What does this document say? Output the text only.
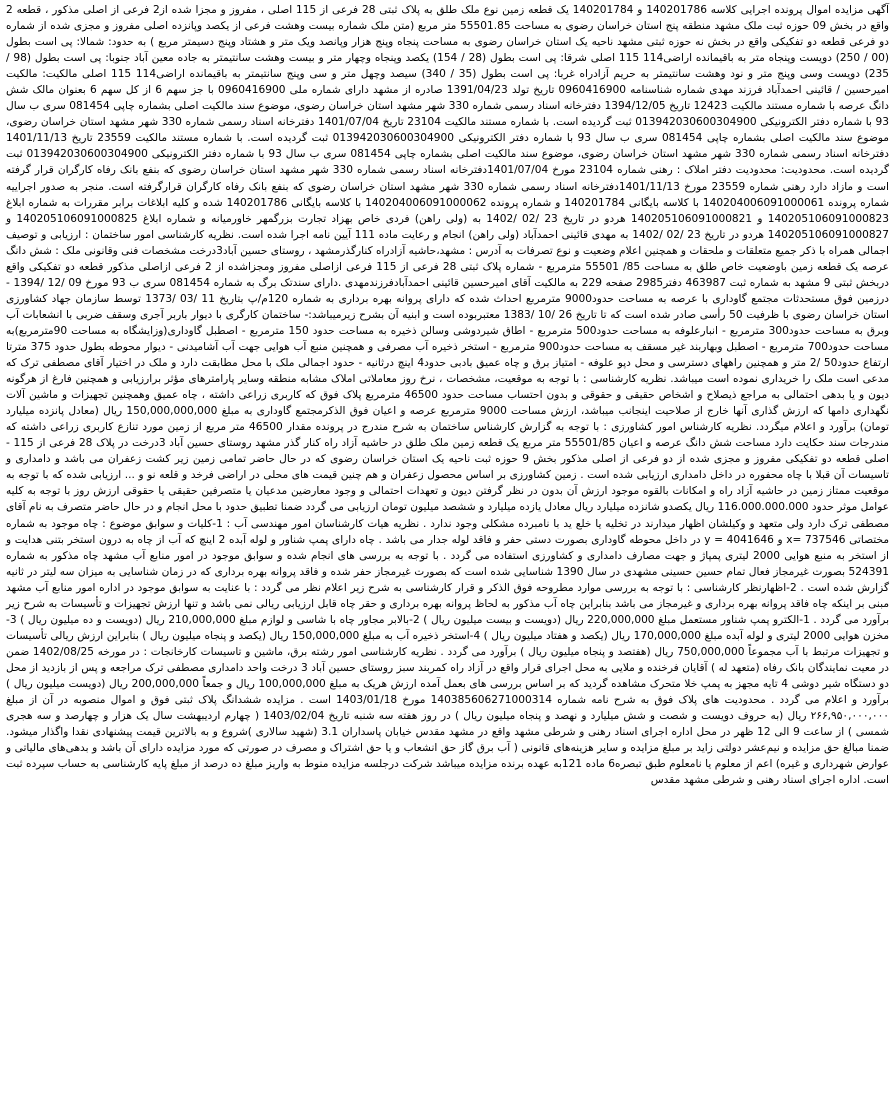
آگهی مزایده اموال پرونده اجرایی کلاسه 140201786 و 140201784 یک قطعه زمین نوع ملک طلق به پلاک ثبتی 28 فرعی از 115 اصلی ، مفروز و مجزا شده از2 فرعی از اصلی مذکور ، قطعه 2 واقع در بخش 09 حوزه ثبت ملک مشهد منطقه پنج استان خراسان رضوی به مساحت 55501.85 متر مربع (متن ملک شماره بیست وهشت فرعی از یکصد وپانزده اصلی مفروز و مجزی شده از شماره دو فرعی قطعه دو تفکیکی واقع در بخش نه حوزه ثبتی مشهد ناحیه یک استان خراسان رضوی به مساحت پنجاه وپنج هزار وپانصد ویک متر و هشتاد وپنج دسیمتر مربع ) به حدود: شمالا: پی است بطول (00 / 250) دویست وپنجاه متر به باقیمانده اراضی114 115 اصلی شرقا: پی است بطول (28 / 154) یکصد وپنجاه وچهار متر و بیست وهشت سانتیمتر به جاده معین آباد جنوبا: پی است بطول (98 / 235) دویست وسی وپنج متر و نود وهشت سانتیمتر به حریم آزادراه غربا: پی است بطول (35 / 340) سیصد وچهل متر و سی وپنج سانتیمتر به باقیمانده اراضی114 115 اصلی مالکیت: مالکیت امیرحسین / قائینی احمدآباد فرزند مهدی شماره شناسنامه 0960416900 تاریخ تولد 1391/04/23 صادره از مشهد دارای شماره ملی 0960416900 با جز سهم 6 از کل سهم 6 بعنوان مالک شش دانگ عرصه با شماره مستند مالکیت 12423 تاریخ 1394/12/05 دفترخانه اسناد رسمی شماره 330 شهر مشهد استان خراسان رضوی، موضوع سند مالکیت اصلی بشماره چاپی 081454 سری ب سال 93 با شماره دفتر الکترونیکی 013942030600304900 ثبت گردیده است. با شماره مستند مالکیت 23104 تاریخ 1401/07/04 دفترخانه اسناد رسمی شماره 330 شهر مشهد استان خراسان رضوی، موضوع سند مالکیت اصلی بشماره چاپی 081454 سری ب سال 93 با شماره دفتر الکترونیکی 013942030600304900 ثبت گردیده است. با شماره مستند مالکیت 23559 تاریخ 1401/11/13 دفترخانه اسناد رسمی شماره 330 شهر مشهد استان خراسان رضوی، موضوع سند مالکیت اصلی بشماره چاپی 081454 سری ب سال 93 با شماره دفتر الکترونیکی 013942030600304900 ثبت گردیده است. محدودیت: محدودیت دفتر املاک : رهنی شماره 23104 مورخ 1401/07/04دفترخانه اسناد رسمی شماره 330 شهر مشهد استان خراسان رضوی که بنفع بانک رفاه کارگران قرار گرفته است و مازاد دارد رهنی شماره 23559 مورخ 1401/11/13دفترخانه اسناد رسمی شماره 330 شهر مشهد استان خراسان رضوی که بنفع بانک رفاه کارگران قرارگرفته است. منجر به صدور اجراییه شماره پرونده 140204006091000061 با کلاسه بایگانی 140201784 و شماره پرونده 140204006091000062 با کلاسه بایگانی 140201786 شده و کلیه ابلاغات برابر مقررات به شماره ابلاغ 140205106091000823 و 140205106091000821 هردو در تاریخ 23 /02 /1402 به (ولی راهن) فردی خاص بهزاد تجارت بزرگمهر خاورمیانه و شماره ابلاغ 140205106091000825 و 140205106091000827 هردو در تاریخ 23 /02 /1402 به مهدی قائینی احمدآباد (ولی راهن) انجام و رعایت ماده 111 آیین نامه اجرا شده است. نظریه کارشناسی امور ساختمان : ارزیابی و توصیف اجمالی همراه با ذکر جمیع متعلقات و ملحقات و همچنین اعلام وضعیت و نوع تصرفات به آدرس : مشهد،حاشیه آزادراه کنارگذرمشهد ، روستای حسین آباد3درخت مشخصات فنی وقانونی ملک : شش دانگ عرصه یک قطعه زمین باوضعیت خاص طلق به مساحت 85/ 55501 مترمربع - شماره پلاک ثبتی 28 فرعی از 115 فرعی ازاصلی مفروز ومجزاشده از 2 فرعی ازاصلی مذکور قطعه دو تفکیکی واقع دربخش ثبتی 9 مشهد به شماره ثبت 463987 دفتر2985 صفحه 229 به مالکیت آقای امیرحسین قائینی احمدآبادفرزندمهدی .دارای سندتک برگ به شماره 081454 سری ب 93 مورخ 09 /12 /1394 - درزمین فوق مستحدثات مجتمع گاوداری با عرصه به مساحت حدود9000 مترمربع احداث شده که دارای پروانه بهره برداری به شماره 120م/پ بتاریخ 11 /03 /1373 توسط سازمان جهاد کشاورزی استان خراسان رضوی با ظرفیت 50 رأسی صادر شده است که تا تاریخ 26 /10 /1383 معتبربوده است و ابنیه آن بشرح زیرمیباشد:- ساختمان کارگری با دیوار باربر آجری وسقف ضربی با انشعابات آب وبرق به مساحت حدود300 مترمربع - انبارعلوفه به مساحت حدود500 مترمربع - اطاق شیردوشی وسالن ذخیره به مساحت حدود 150 مترمربع - اصطبل گاوداری(وزایشگاه به مساحت 90مترمربع)به مساحت حدود700 مترمربع - اصطبل وبهاربند غیر مسقف به مساحت حدود900 مترمربع - استخر ذخیره آب مصرفی و همچنین منبع آب هوایی جهت آب آشامیدنی - دیوار محوطه بطول حدود 375 مترتا ارتفاع حدود50 /2 متر و همچنین راههای دسترسی و محل دپو علوفه - امتیاز برق و چاه عمیق بادبی حدود4 اینچ درثانیه - حدود اجمالی ملک با محل مطابقت دارد و ملک در اختیار آقای مصطفی ترک که مدعی است ملک را خریداری نموده است میباشد. نظریه کارشناسی : با توجه به موقعیت، مشخصات ، نرخ روز معاملاتی املاک مشابه منطقه وسایر پارامترهای مؤثر برارزیابی و همچنین فارغ از هرگونه دیون و یا بدهی احتمالی به مراجع ذیصلاح و اشخاص حقیقی و حقوقی و بدون احتساب مساحت حدود 46500 مترمربع پلاک فوق که کاربری زراعی داشته ، چاه عمیق وهمچنین تجهیزات و ماشین آلات نگهداری دامها که ارزش گذاری آنها خارج از صلاحیت اینجانب میباشد، ارزش مساحت 9000 مترمربع عرصه و اعیان فوق الذکرمجتمع گاوداری به مبلغ 150,000,000,000 ریال (معادل پانزده میلیارد تومان) برآورد و اعلام میگردد. نظریه کارشناس امور کشاورزی : با توجه به گزارش کارشناس ساختمان به شرح مندرج در پرونده مقدار 46500 متر مربع از زمین مورد تنازع کاربری زراعی داشته که مندرجات سند حکایت دارد مساحت شش دانگ عرصه و اعیان 55501/85 متر مربع یک قطعه زمین ملک طلق در حاشیه آزاد راه کنار گذر مشهد روستای حسین آباد 3درخت در پلاک 28 فرعی از 115 - اصلی قطعه دو تفکیکی مفروز و مجزی شده از دو فرعی از اصلی مذکور بخش 9 حوزه ثبت ناحیه یک استان خراسان رضوی که در حال حاضر تمامی زمین زیر کشت زعفران می باشد و دامداری و تاسیسات آن قبلا با چاه محفوره در داخل دامداری ارزیابی شده است . زمین کشاورزی بر اساس محصول زعفران و هم چنین قیمت های محلی در اراضی فرخد و قلعه نو و ... ارزیابی شده که با توجه به موقعیت ممتاز زمین در حاشیه آزاد راه و امکانات بالقوه موجود ارزش آن بدون در نظر گرفتن دیون و تعهدات احتمالی و وجود معارضین مدعیان یا متصرفین حقیقی یا حقوقی ارزش روز با توجه به کلیه عوامل موثر حدود 116.000.000.000 ریال یکصدو شانزده میلیارد ریال معادل یازده میلیارد و ششصد میلیون تومان ارزیابی می گردد ضمنا تطبیق حدود با محل انجام و در حال حاضر متصرف به نام آقای مصطفی ترک دارد ولی متعهد و وکیلشان اظهار میدارند در تخلیه یا خلع ید با نامبرده مشکلی وجود ندارد . نظریه هیات کارشناسان امور مهندسی آب : 1-کلیات و سوابق موضوع : چاه موجود به شماره مختصاتی x= 737546 و y = 4041646 در داخل محوطه گاوداری بصورت دستی حفر و فاقد لوله جدار می باشد . چاه دارای پمپ شناور و لوله آبده 2 اینچ که آب از چاه به درون استخر بتنی هدایت و از استخر به منبع هوایی 2000 لیتری پمپاژ و جهت مصارف دامداری و کشاورزی استفاده می گردد . با توجه به بررسی های انجام شده و سوابق موجود در امور منابع آب مشهد چاه مذکور به شماره 524391 بصورت غیرمجاز فعال تمام حسین حسینی مشهدی در سال 1390 شناسایی شده است که بصورت غیرمجاز حفر شده و فاقد پروانه بهره برداری که در زمان شناسایی به میزان سه لیتر در ثانیه گزارش شده است . 2-اظهارنظر کارشناسی : با توجه به بررسی موارد مطروحه فوق الذکر و قرار کارشناسی به شرح زیر اعلام نظر می گردد : با عنایت به سوابق موجود در اداره امور منابع آب مشهد مبنی بر اینکه چاه فاقد پروانه بهره برداری و غیرمجاز می باشد بنابراین چاه آب مذکور به لحاظ پروانه بهره برداری و حقر چاه قابل ارزیابی ریالی نمی باشد و تنها ارزش تجهیزات و تأسیسات به شرح زیر برآورد می گردد . 1-الکترو پمپ شناور مستعمل مبلغ 220,000,000 ریال (دویست و بیست میلیون ریال ) 2-بالابر مجاور چاه با شاسی و لوازم مبلغ 210,000,000 ریال (دویست و ده میلیون ریال ) 3-مخزن هوایی 2000 لیتری و لوله آبده مبلغ 170,000,000 ریال (یکصد و هفتاد میلیون ریال ) 4-استخر ذخیره آب به مبلغ 150,000,000 ریال (یکصد و پنجاه میلیون ریال ) بنابراین ارزش ریالی تأسیسات و تجهیزات مرتبط با آب مجموعاً 750,000,000 ریال (هفتصد و پنجاه میلیون ریال ) برآورد می گردد . نظریه کارشناسی امور رشته برق، ماشین و تاسیسات کارخانجات : در مورخه 1402/08/25 ضمن در معیت نمایندگان بانک رفاه (متعهد له ) آقایان فرخنده و ملایی به محل اجرای قرار واقع در آزاد راه کمربند سبز روستای حسین آباد 3 درخت واحد دامداری مصطفی ترک مراجعه و پس از بازدید از محل دو دستگاه شیر دوشی 4 تایه مجهز به پمپ خلا متحرک مشاهده گردید که بر اساس بررسی های بعمل آمده ارزش هریک به مبلغ 100,000,000 ریال و جمعاً 200,000,000 ریال (دویست میلیون ریال ) برآورد و اعلام می گردد . محدودیت های پلاک فوق به شرح نامه شماره 140385606271000314 مورخ 1403/01/18 است . مزایده ششدانگ پلاک ثبتی فوق و اموال منصوبه در آن از مبلغ ۲۶۶,۹۵۰,۰۰۰,۰۰۰ ریال (به حروف دویست و شصت و شش میلیارد و نهصد و پنجاه میلیون ریال ) در روز هفته سه شنبه تاریخ 1403/02/04 ( چهارم اردیبهشت سال یک هزار و چهارصد و سه هجری شمسی ) از ساعت 9 الی 12 ظهر در محل اداره اجرای اسناد رهنی و شرطی مشهد واقع در مشهد مقدس خیابان پاسداران 3.1 (شهید سالاری )شروع و به بالاترین قیمت پیشنهادی نقدا واگذار میشود. ضمنا مبالغ حق مزایده و نیم‌عشر دولتی زاید بر مبلغ مزایده و سایر هزینه‌های قانونی ( آب برق گاز حق انشعاب و یا حق اشتراک و مصرف در صورتی که مورد مزایده دارای آن باشد و بدهی‌های مالیاتی و عوارض شهرداری و غیره) اعم از معلوم یا نامعلوم طبق تبصره6 ماده 121به عهده برنده مزایده میباشد شرکت درجلسه مزایده منوط به واریز مبلغ ده درصد از مبلغ پایه کارشناسی به حساب سپرده ثبت است. اداره اجرای اسناد رهنی و شرطی مشهد مقدس
